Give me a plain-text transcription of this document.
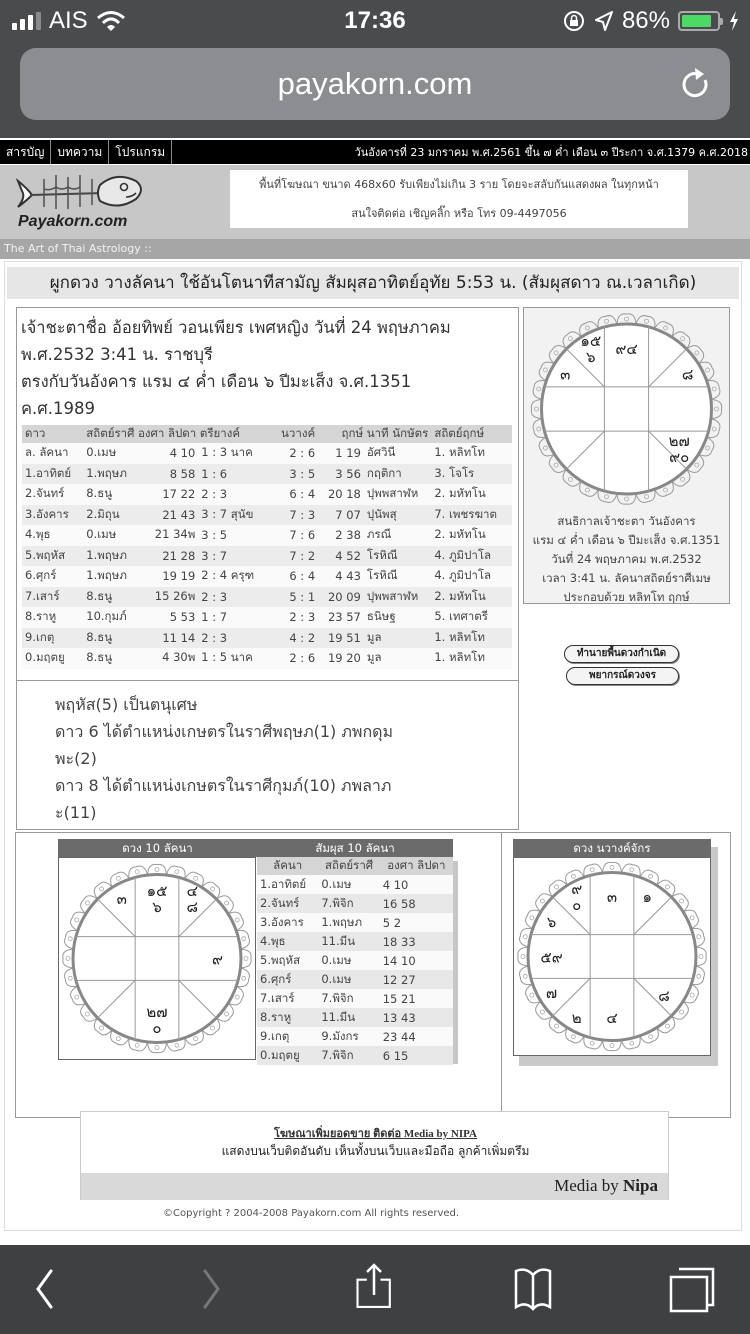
AIS	17:36	86%
payakorn.com
สารบัญ	บทความ	โปรแกรม	วันอังคารที่ 23 มกราคม พ.ศ.2561 ขึ้น ๗ ค่ำ เดือน ๓ ปีระกา จ.ศ.1379 ค.ศ.2018
Payakorn.com
พื้นที่โฆษณา ขนาด 468x60 รับเพียงไม่เกิน 3 ราย โดยจะสลับกันแสดงผล ในทุกหน้า
สนใจติดต่อ เชิญคลิ๊ก หรือ โทร 09-4497056
The Art of Thai Astrology ::
ผูกดวง วางลัคนา ใช้อันโตนาทีสามัญ สัมผุสอาทิตย์อุทัย 5:53 น. (สัมผุสดาว ณ.เวลาเกิด)
เจ้าชะตาชื่อ อ้อยทิพย์ วอนเพียร เพศหญิง วันที่ 24 พฤษภาคม
พ.ศ.2532 3:41 น. ราชบุรี
ตรงกับวันอังคาร แรม ๔ ค่ำ เดือน ๖ ปีมะเส็ง จ.ศ.1351
ค.ศ.1989
ดาว	สถิตย์ราศี องศา ลิปดา ตรียางค์			นวางค์	ฤกษ์ นาที นักษัตร		สถิตย์ฤกษ์
ล. ลัคนา	0.เมษ	4 10	1 : 3 นาค	2 : 6	1 19	อัศวินี	1. หลิทโท
1.อาทิตย์	1.พฤษภ	8 58	1 : 6	3 : 5	3 56	กฤติกา	3. โจโร
2.จันทร์	8.ธนู	17 22	2 : 3	6 : 4	20 18	ปุพพสาฬห	2. มหัทโน
3.อังคาร	2.มิถุน	21 43	3 : 7 สุนัข	7 : 3	7 07	ปุนัพสุ	7. เพชรฆาต
4.พุธ	0.เมษ	21 34พ	3 : 5	7 : 6	2 38	ภรณี	2. มหัทโน
5.พฤหัส	1.พฤษภ	21 28	3 : 7	7 : 2	4 52	โรหิณี	4. ภูมิปาโล
6.ศุกร์	1.พฤษภ	19 19	2 : 4 ครุฑ	6 : 4	4 43	โรหิณี	4. ภูมิปาโล
7.เสาร์	8.ธนู	15 26พ	2 : 3	5 : 1	20 09	ปุพพสาฬห	2. มหัทโน
8.ราหู	10.กุมภ์	5 53	1 : 7	2 : 3	23 57	ธนิษฐ	5. เทศาตรี
9.เกตุ	8.ธนู	11 14	2 : 3	4 : 2	19 51	มูล	1. หลิทโท
0.มฤตยู	8.ธนู	4 30พ	1 : 5 นาค	2 : 6	19 20	มูล	1. หลิทโท
พฤหัส(5) เป็นตนุเศษ
ดาว 6 ได้ตำแหน่งเกษตรในราศีพฤษภ(1) ภพกดุม
พะ(2)
ดาว 8 ได้ตำแหน่งเกษตรในราศีกุมภ์(10) ภพลาภ
ะ(11)
๑๕
๖ ๙๔
๓	๘
๒๗
๙๐
สนธิกาลเจ้าชะตา วันอังคาร
แรม ๔ ค่ำ เดือน ๖ ปีมะเส็ง จ.ศ.1351
วันที่ 24 พฤษภาคม พ.ศ.2532
เวลา 3:41 น. ลัคนาสถิตย์ราศีเมษ
ประกอบด้วย หลิทโท ฤกษ์
ทำนายพื้นดวงกำเนิด
พยากรณ์ดวงจร
ดวง 10 ลัคนา	สัมผุส 10 ลัคนา
๓ ๑๕
๖
๔
๘
๙
๒๗
๐
ลัคนา	สถิตย์ราศี	องศา ลิปดา
1.อาทิตย์	0.เมษ	4 10
2.จันทร์	7.พิจิก	16 58
3.อังคาร	1.พฤษภ	5 2
4.พุธ	11.มีน	18 33
5.พฤหัส	0.เมษ	14 10
6.ศุกร์	0.เมษ	12 27
7.เสาร์	7.พิจิก	15 21
8.ราหู	11.มีน	13 43
9.เกตุ	9.มังกร	23 44
0.มฤตยู	7.พิจิก	6 15
ดวง นวางค์จักร
๙
๐ ๓ ๑
๖
๕๙
๗
๒ ๔
๘
โฆษณาเพิ่มยอดขาย ติดต่อ Media by NIPA
แสดงบนเว็บติดอันดับ เห็นทั้งบนเว็บและมือถือ ลูกค้าเพิ่มตรึม
Media by Nipa
©Copyright ? 2004-2008 Payakorn.com All rights reserved.
